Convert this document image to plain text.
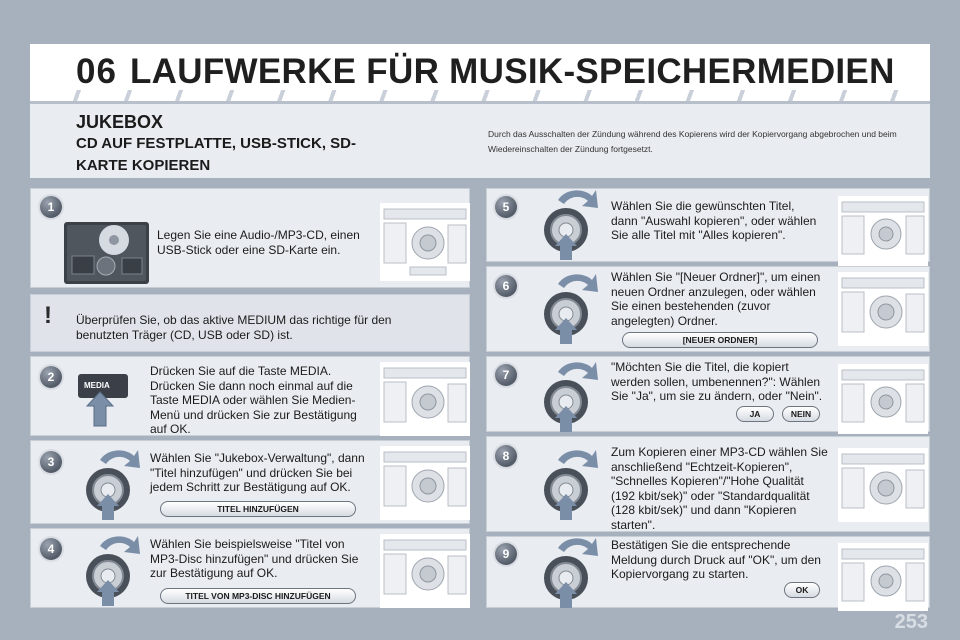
06 LAUFWERKE FÜR MUSIK-SPEICHERMEDIEN
JUKEBOX
CD AUF FESTPLATTE, USB-STICK, SD-KARTE KOPIEREN
Durch das Ausschalten der Zündung während des Kopierens wird der Kopiervorgang abgebrochen und beim Wiedereinschalten der Zündung fortgesetzt.
1
Legen Sie eine Audio-/MP3-CD, einen USB-Stick oder eine SD-Karte ein.
! Überprüfen Sie, ob das aktive MEDIUM das richtige für den benutzten Träger (CD, USB oder SD) ist.
2
MEDIA
Drücken Sie auf die Taste MEDIA. Drücken Sie dann noch einmal auf die Taste MEDIA oder wählen Sie Medien-Menü und drücken Sie zur Bestätigung auf OK.
3	Wählen Sie "Jukebox-Verwaltung", dann "Titel hinzufügen" und drücken Sie bei jedem Schritt zur Bestätigung auf OK.
TITEL HINZUFÜGEN
4	Wählen Sie beispielsweise "Titel von MP3-Disc hinzufügen" und drücken Sie zur Bestätigung auf OK.
TITEL VON MP3-DISC HINZUFÜGEN
5	Wählen Sie die gewünschten Titel, dann "Auswahl kopieren", oder wählen Sie alle Titel mit "Alles kopieren".
6
Wählen Sie "[Neuer Ordner]", um einen neuen Ordner anzulegen, oder wählen Sie einen bestehenden (zuvor angelegten) Ordner.
[NEUER ORDNER]
7
"Möchten Sie die Titel, die kopiert werden sollen, umbenennen?": Wählen Sie "Ja", um sie zu ändern, oder "Nein".
JA	NEIN
8	Zum Kopieren einer MP3-CD wählen Sie anschließend "Echtzeit-Kopieren", "Schnelles Kopieren"/"Hohe Qualität (192 kbit/sek)" oder "Standardqualität (128 kbit/sek)" und dann "Kopieren starten".
9
Bestätigen Sie die entsprechende Meldung durch Druck auf "OK", um den Kopiervorgang zu starten.
OK
253
